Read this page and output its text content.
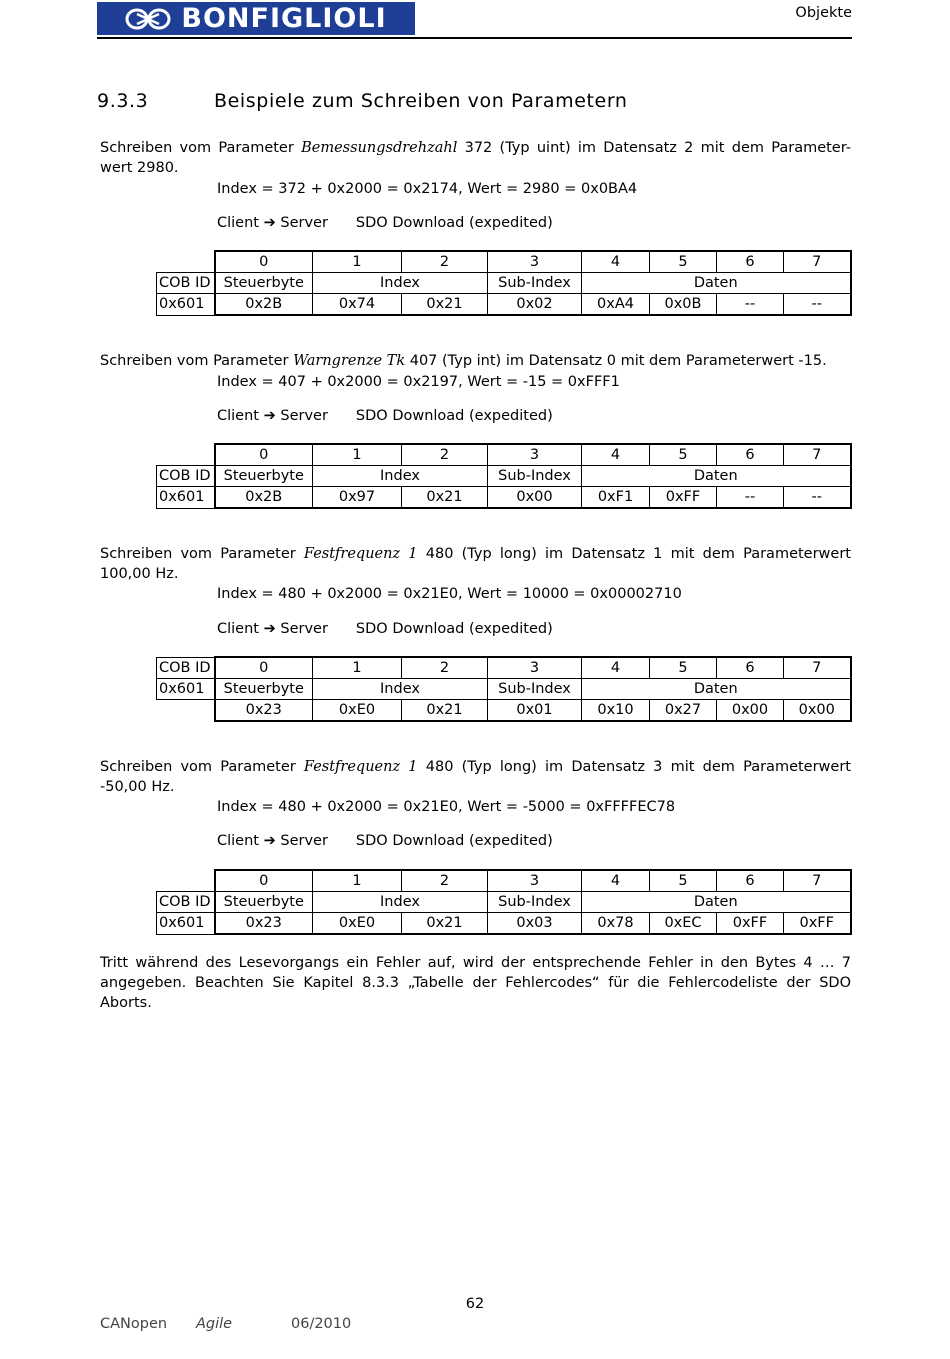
BONFIGLIOLI	Objekte
9.3.3	Beispiele zum Schreiben von Parametern
Schreiben vom Parameter Bemessungsdrehzahl 372 (Typ uint) im Datensatz 2 mit dem Parameter-wert 2980.
Index = 372 + 0x2000 = 0x2174, Wert = 2980 = 0x0BA4
Client ➔ Server SDO Download (expedited)
	0	1	2	3	4	5	6	7
COB ID	Steuerbyte	Index		Sub-Index	Daten			
0x601	0x2B	0x74	0x21	0x02	0xA4	0x0B	--	--
Schreiben vom Parameter Warngrenze Tk 407 (Typ int) im Datensatz 0 mit dem Parameterwert -15.
Index = 407 + 0x2000 = 0x2197, Wert = -15 = 0xFFF1
Client ➔ Server SDO Download (expedited)
	0	1	2	3	4	5	6	7
COB ID	Steuerbyte	Index		Sub-Index	Daten			
0x601	0x2B	0x97	0x21	0x00	0xF1	0xFF	--	--
Schreiben vom Parameter Festfrequenz 1 480 (Typ long) im Datensatz 1 mit dem Parameterwert 100,00 Hz.
Index = 480 + 0x2000 = 0x21E0, Wert = 10000 = 0x00002710
Client ➔ Server SDO Download (expedited)
COB ID	0	1	2	3	4	5	6	7
0x601	Steuerbyte	Index		Sub-Index	Daten			
	0x23	0xE0	0x21	0x01	0x10	0x27	0x00	0x00
Schreiben vom Parameter Festfrequenz 1 480 (Typ long) im Datensatz 3 mit dem Parameterwert -50,00 Hz.
Index = 480 + 0x2000 = 0x21E0, Wert = -5000 = 0xFFFFEC78
Client ➔ Server SDO Download (expedited)
	0	1	2	3	4	5	6	7
COB ID	Steuerbyte	Index		Sub-Index	Daten			
0x601	0x23	0xE0	0x21	0x03	0x78	0xEC	0xFF	0xFF
Tritt während des Lesevorgangs ein Fehler auf, wird der entsprechende Fehler in den Bytes 4 … 7 angegeben. Beachten Sie Kapitel 8.3.3 „Tabelle der Fehlercodes“ für die Fehlercodeliste der SDO Aborts.
62
CANopen Agile	06/2010
